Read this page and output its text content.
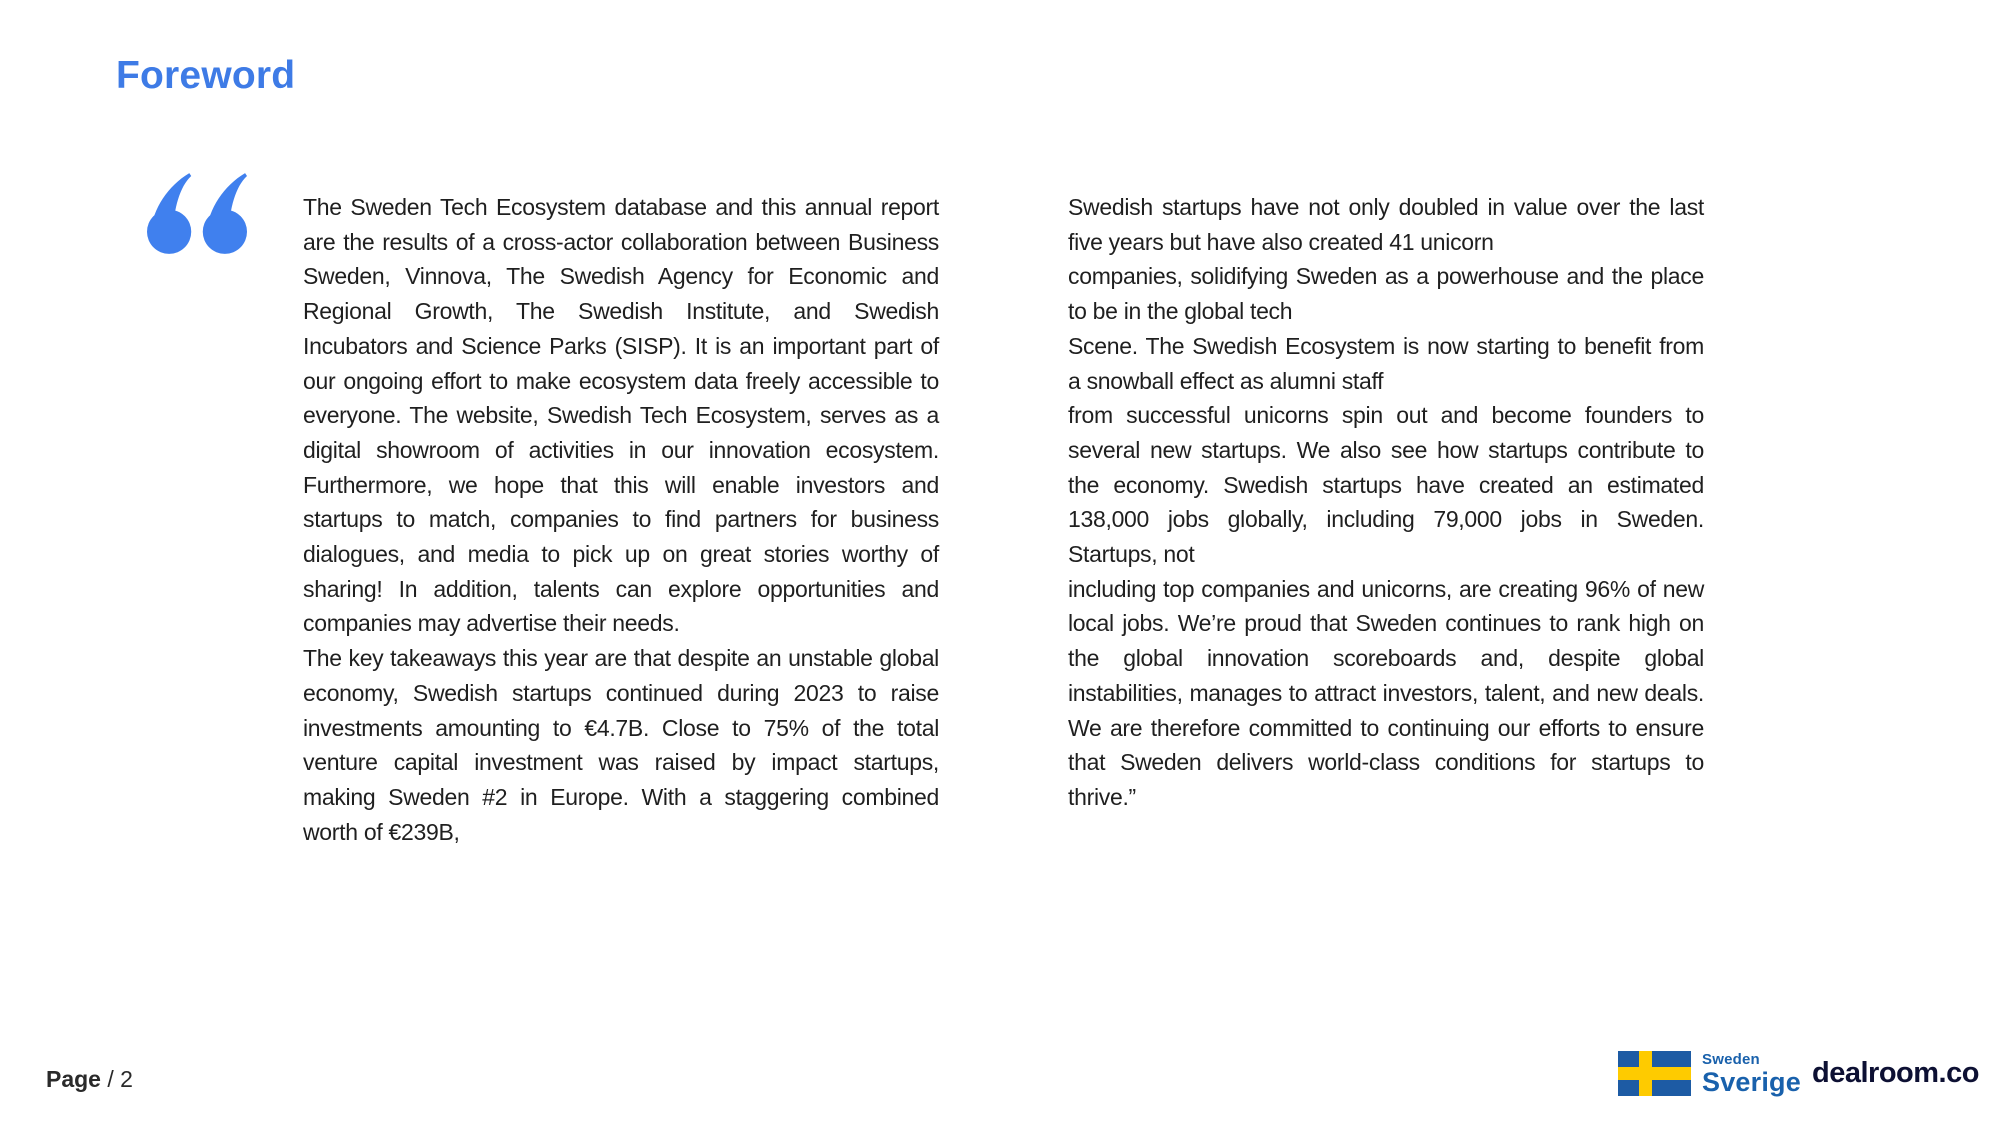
Foreword

The Sweden Tech Ecosystem database and this annual report are the results of a cross-actor collaboration between Business Sweden, Vinnova, The Swedish Agency for Economic and Regional Growth, The Swedish Institute, and Swedish Incubators and Science Parks (SISP). It is an important part of our ongoing effort to make ecosystem data freely accessible to everyone. The website, Swedish Tech Ecosystem, serves as a digital showroom of activities in our innovation ecosystem. Furthermore, we hope that this will enable investors and startups to match, companies to find partners for business dialogues, and media to pick up on great stories worthy of sharing! In addition, talents can explore opportunities and companies may advertise their needs.

The key takeaways this year are that despite an unstable global economy, Swedish startups continued during 2023 to raise investments amounting to €4.7B. Close to 75% of the total venture capital investment was raised by impact startups, making Sweden #2 in Europe. With a staggering combined worth of €239B,

Swedish startups have not only doubled in value over the last five years but have also created 41 unicorn

companies, solidifying Sweden as a powerhouse and the place to be in the global tech

Scene. The Swedish Ecosystem is now starting to benefit from a snowball effect as alumni staff

from successful unicorns spin out and become founders to several new startups. We also see how startups contribute to the economy. Swedish startups have created an estimated 138,000 jobs globally, including 79,000 jobs in Sweden. Startups, not

including top companies and unicorns, are creating 96% of new local jobs. We’re proud that Sweden continues to rank high on the global innovation scoreboards and, despite global instabilities, manages to attract investors, talent, and new deals. We are therefore committed to continuing our efforts to ensure that Sweden delivers world-class conditions for startups to thrive.”

Page / 2
Sweden
Sverige dealroom.co
